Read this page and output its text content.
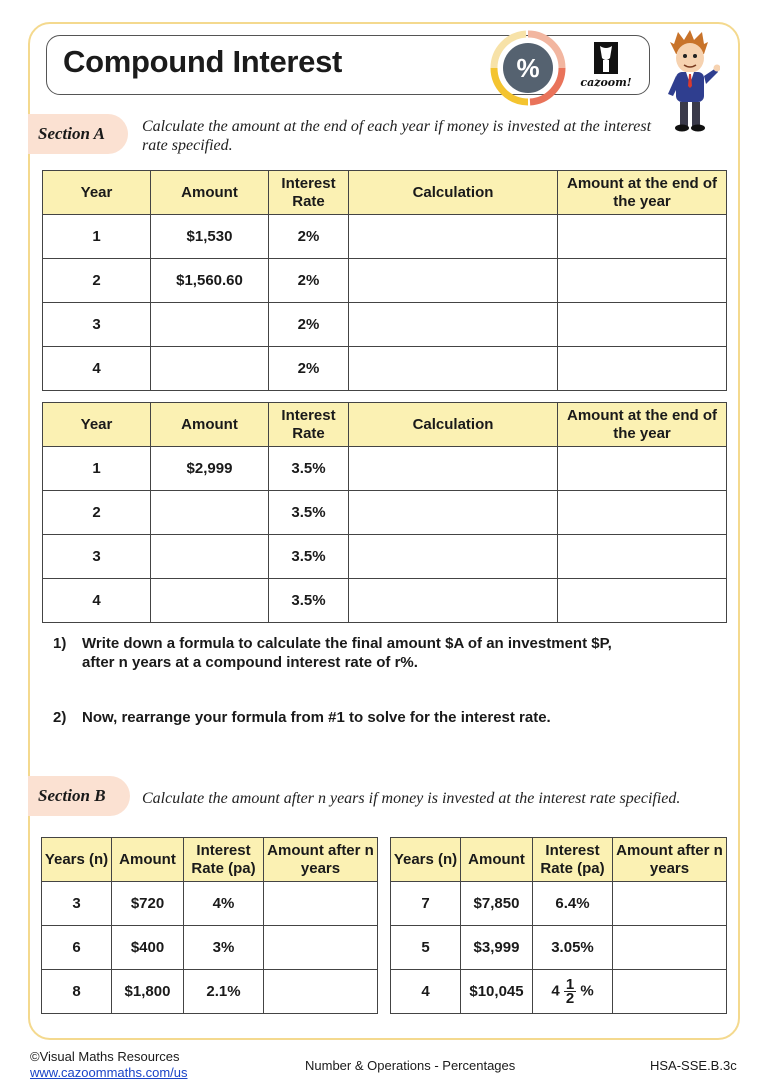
Compound Interest	%	cazoom!
Section A	Calculate the amount at the end of each year if money is invested at the interest rate specified.
Year	Amount	Interest Rate	Calculation	Amount at the end of the year
1	$1,530	2%		
2	$1,560.60	2%		
3		2%		
4		2%		
Year	Amount	Interest Rate	Calculation	Amount at the end of the year
1	$2,999	3.5%		
2		3.5%		
3		3.5%		
4		3.5%		
1) Write down a formula to calculate the final amount $A of an investment $P,
after n years at a compound interest rate of r%.
2) Now, rearrange your formula from #1 to solve for the interest rate.
Section B	Calculate the amount after n years if money is invested at the interest rate specified.
Years (n)	Amount	Interest Rate (pa)	Amount after n years
3	$720	4%	
6	$400	3%	
8	$1,800	2.1%	
Years (n)	Amount	Interest Rate (pa)	Amount after n years
7	$7,850	6.4%	
5	$3,999	3.05%	
4	$10,045	$4 \frac{1}{2}$ %	
©Visual Maths Resources
www.cazoommaths.com/us	Number & Operations - Percentages	HSA-SSE.B.3c
